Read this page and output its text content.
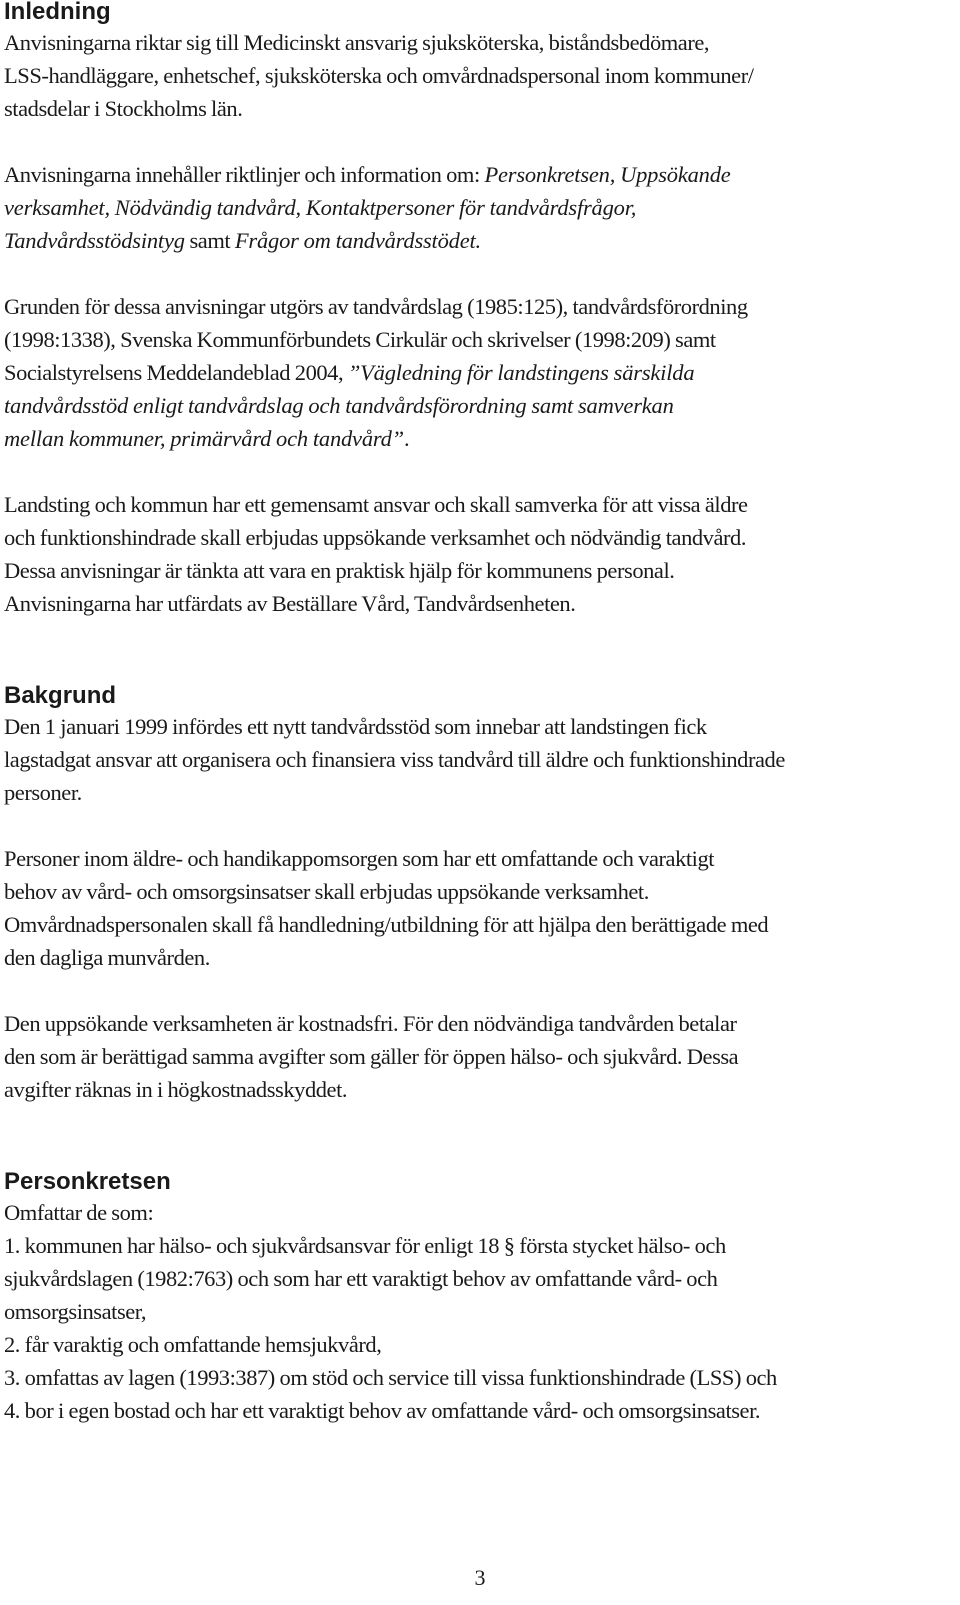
Inledning

Anvisningarna riktar sig till Medicinskt ansvarig sjuksköterska, biståndsbedömare,
LSS-handläggare, enhetschef, sjuksköterska och omvårdnadspersonal inom kommuner/
stadsdelar i Stockholms län.

Anvisningarna innehåller riktlinjer och information om: Personkretsen, Uppsökande
verksamhet, Nödvändig tandvård, Kontaktpersoner för tandvårdsfrågor,
Tandvårdsstödsintyg samt Frågor om tandvårdsstödet.

Grunden för dessa anvisningar utgörs av tandvårdslag (1985:125), tandvårdsförordning
(1998:1338), Svenska Kommunförbundets Cirkulär och skrivelser (1998:209) samt
Socialstyrelsens Meddelandeblad 2004, ”Vägledning för landstingens särskilda
tandvårdsstöd enligt tandvårdslag och tandvårdsförordning samt samverkan
mellan kommuner, primärvård och tandvård”.

Landsting och kommun har ett gemensamt ansvar och skall samverka för att vissa äldre
och funktionshindrade skall erbjudas uppsökande verksamhet och nödvändig tandvård.
Dessa anvisningar är tänkta att vara en praktisk hjälp för kommunens personal.
Anvisningarna har utfärdats av Beställare Vård, Tandvårdsenheten.

Bakgrund

Den 1 januari 1999 infördes ett nytt tandvårdsstöd som innebar att landstingen fick
lagstadgat ansvar att organisera och finansiera viss tandvård till äldre och funktionshindrade
personer.

Personer inom äldre- och handikappomsorgen som har ett omfattande och varaktigt
behov av vård- och omsorgsinsatser skall erbjudas uppsökande verksamhet.
Omvårdnadspersonalen skall få handledning/utbildning för att hjälpa den berättigade med
den dagliga munvården.

Den uppsökande verksamheten är kostnadsfri. För den nödvändiga tandvården betalar
den som är berättigad samma avgifter som gäller för öppen hälso- och sjukvård. Dessa
avgifter räknas in i högkostnadsskyddet.

Personkretsen

Omfattar de som:
1. kommunen har hälso- och sjukvårdsansvar för enligt 18 § första stycket hälso- och
sjukvårdslagen (1982:763) och som har ett varaktigt behov av omfattande vård- och
omsorgsinsatser,
2. får varaktig och omfattande hemsjukvård,
3. omfattas av lagen (1993:387) om stöd och service till vissa funktionshindrade (LSS) och
4. bor i egen bostad och har ett varaktigt behov av omfattande vård- och omsorgsinsatser.

3
